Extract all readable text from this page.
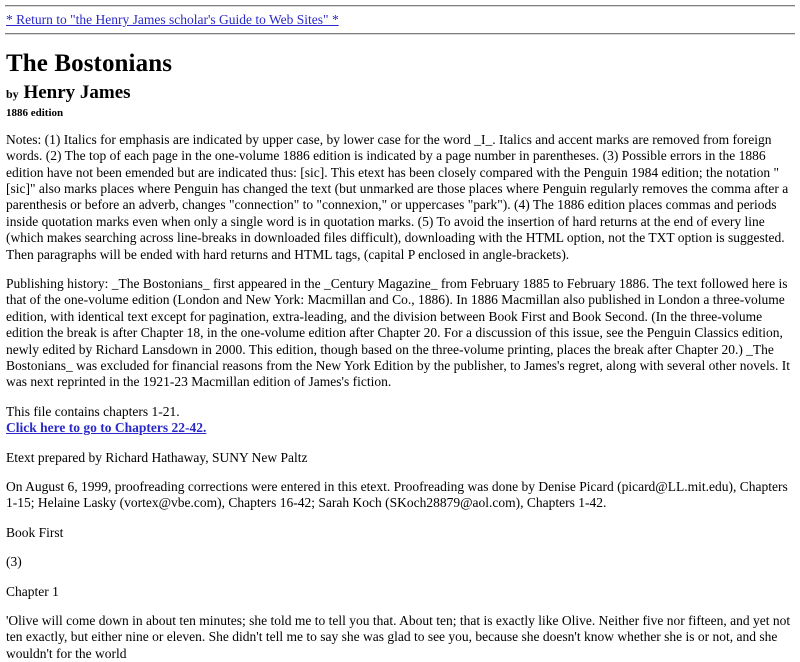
* Return to "the Henry James scholar's Guide to Web Sites" *
The Bostonians
by Henry James
1886 edition

Notes: (1) Italics for emphasis are indicated by upper case, by lower case for the word _I_. Italics and accent marks are removed from foreign words. (2) The top of each page in the one-volume 1886 edition is indicated by a page number in parentheses. (3) Possible errors in the 1886 edition have not been emended but are indicated thus: [sic]. This etext has been closely compared with the Penguin 1984 edition; the notation "[sic]" also marks places where Penguin has changed the text (but unmarked are those places where Penguin regularly removes the comma after a parenthesis or before an adverb, changes "connection" to "connexion," or uppercases "park"). (4) The 1886 edition places commas and periods inside quotation marks even when only a single word is in quotation marks. (5) To avoid the insertion of hard returns at the end of every line (which makes searching across line-breaks in downloaded files difficult), downloading with the HTML option, not the TXT option is suggested. Then paragraphs will be ended with hard returns and HTML tags, (capital P enclosed in angle-brackets).

Publishing history: _The Bostonians_ first appeared in the _Century Magazine_ from February 1885 to February 1886. The text followed here is that of the one-volume edition (London and New York: Macmillan and Co., 1886). In 1886 Macmillan also published in London a three-volume edition, with identical text except for pagination, extra-leading, and the division between Book First and Book Second. (In the three-volume edition the break is after Chapter 18, in the one-volume edition after Chapter 20. For a discussion of this issue, see the Penguin Classics edition, newly edited by Richard Lansdown in 2000. This edition, though based on the three-volume printing, places the break after Chapter 20.) _The Bostonians_ was excluded for financial reasons from the New York Edition by the publisher, to James's regret, along with several other novels. It was next reprinted in the 1921-23 Macmillan edition of James's fiction.

This file contains chapters 1-21.
Click here to go to Chapters 22-42.

Etext prepared by Richard Hathaway, SUNY New Paltz

On August 6, 1999, proofreading corrections were entered in this etext. Proofreading was done by Denise Picard (picard@LL.mit.edu), Chapters 1-15; Helaine Lasky (vortex@vbe.com), Chapters 16-42; Sarah Koch (SKoch28879@aol.com), Chapters 1-42.

Book First

(3)

Chapter 1

'Olive will come down in about ten minutes; she told me to tell you that. About ten; that is exactly like Olive. Neither five nor fifteen, and yet not ten exactly, but either nine or eleven. She didn't tell me to say she was glad to see you, because she doesn't know whether she is or not, and she wouldn't for the world
